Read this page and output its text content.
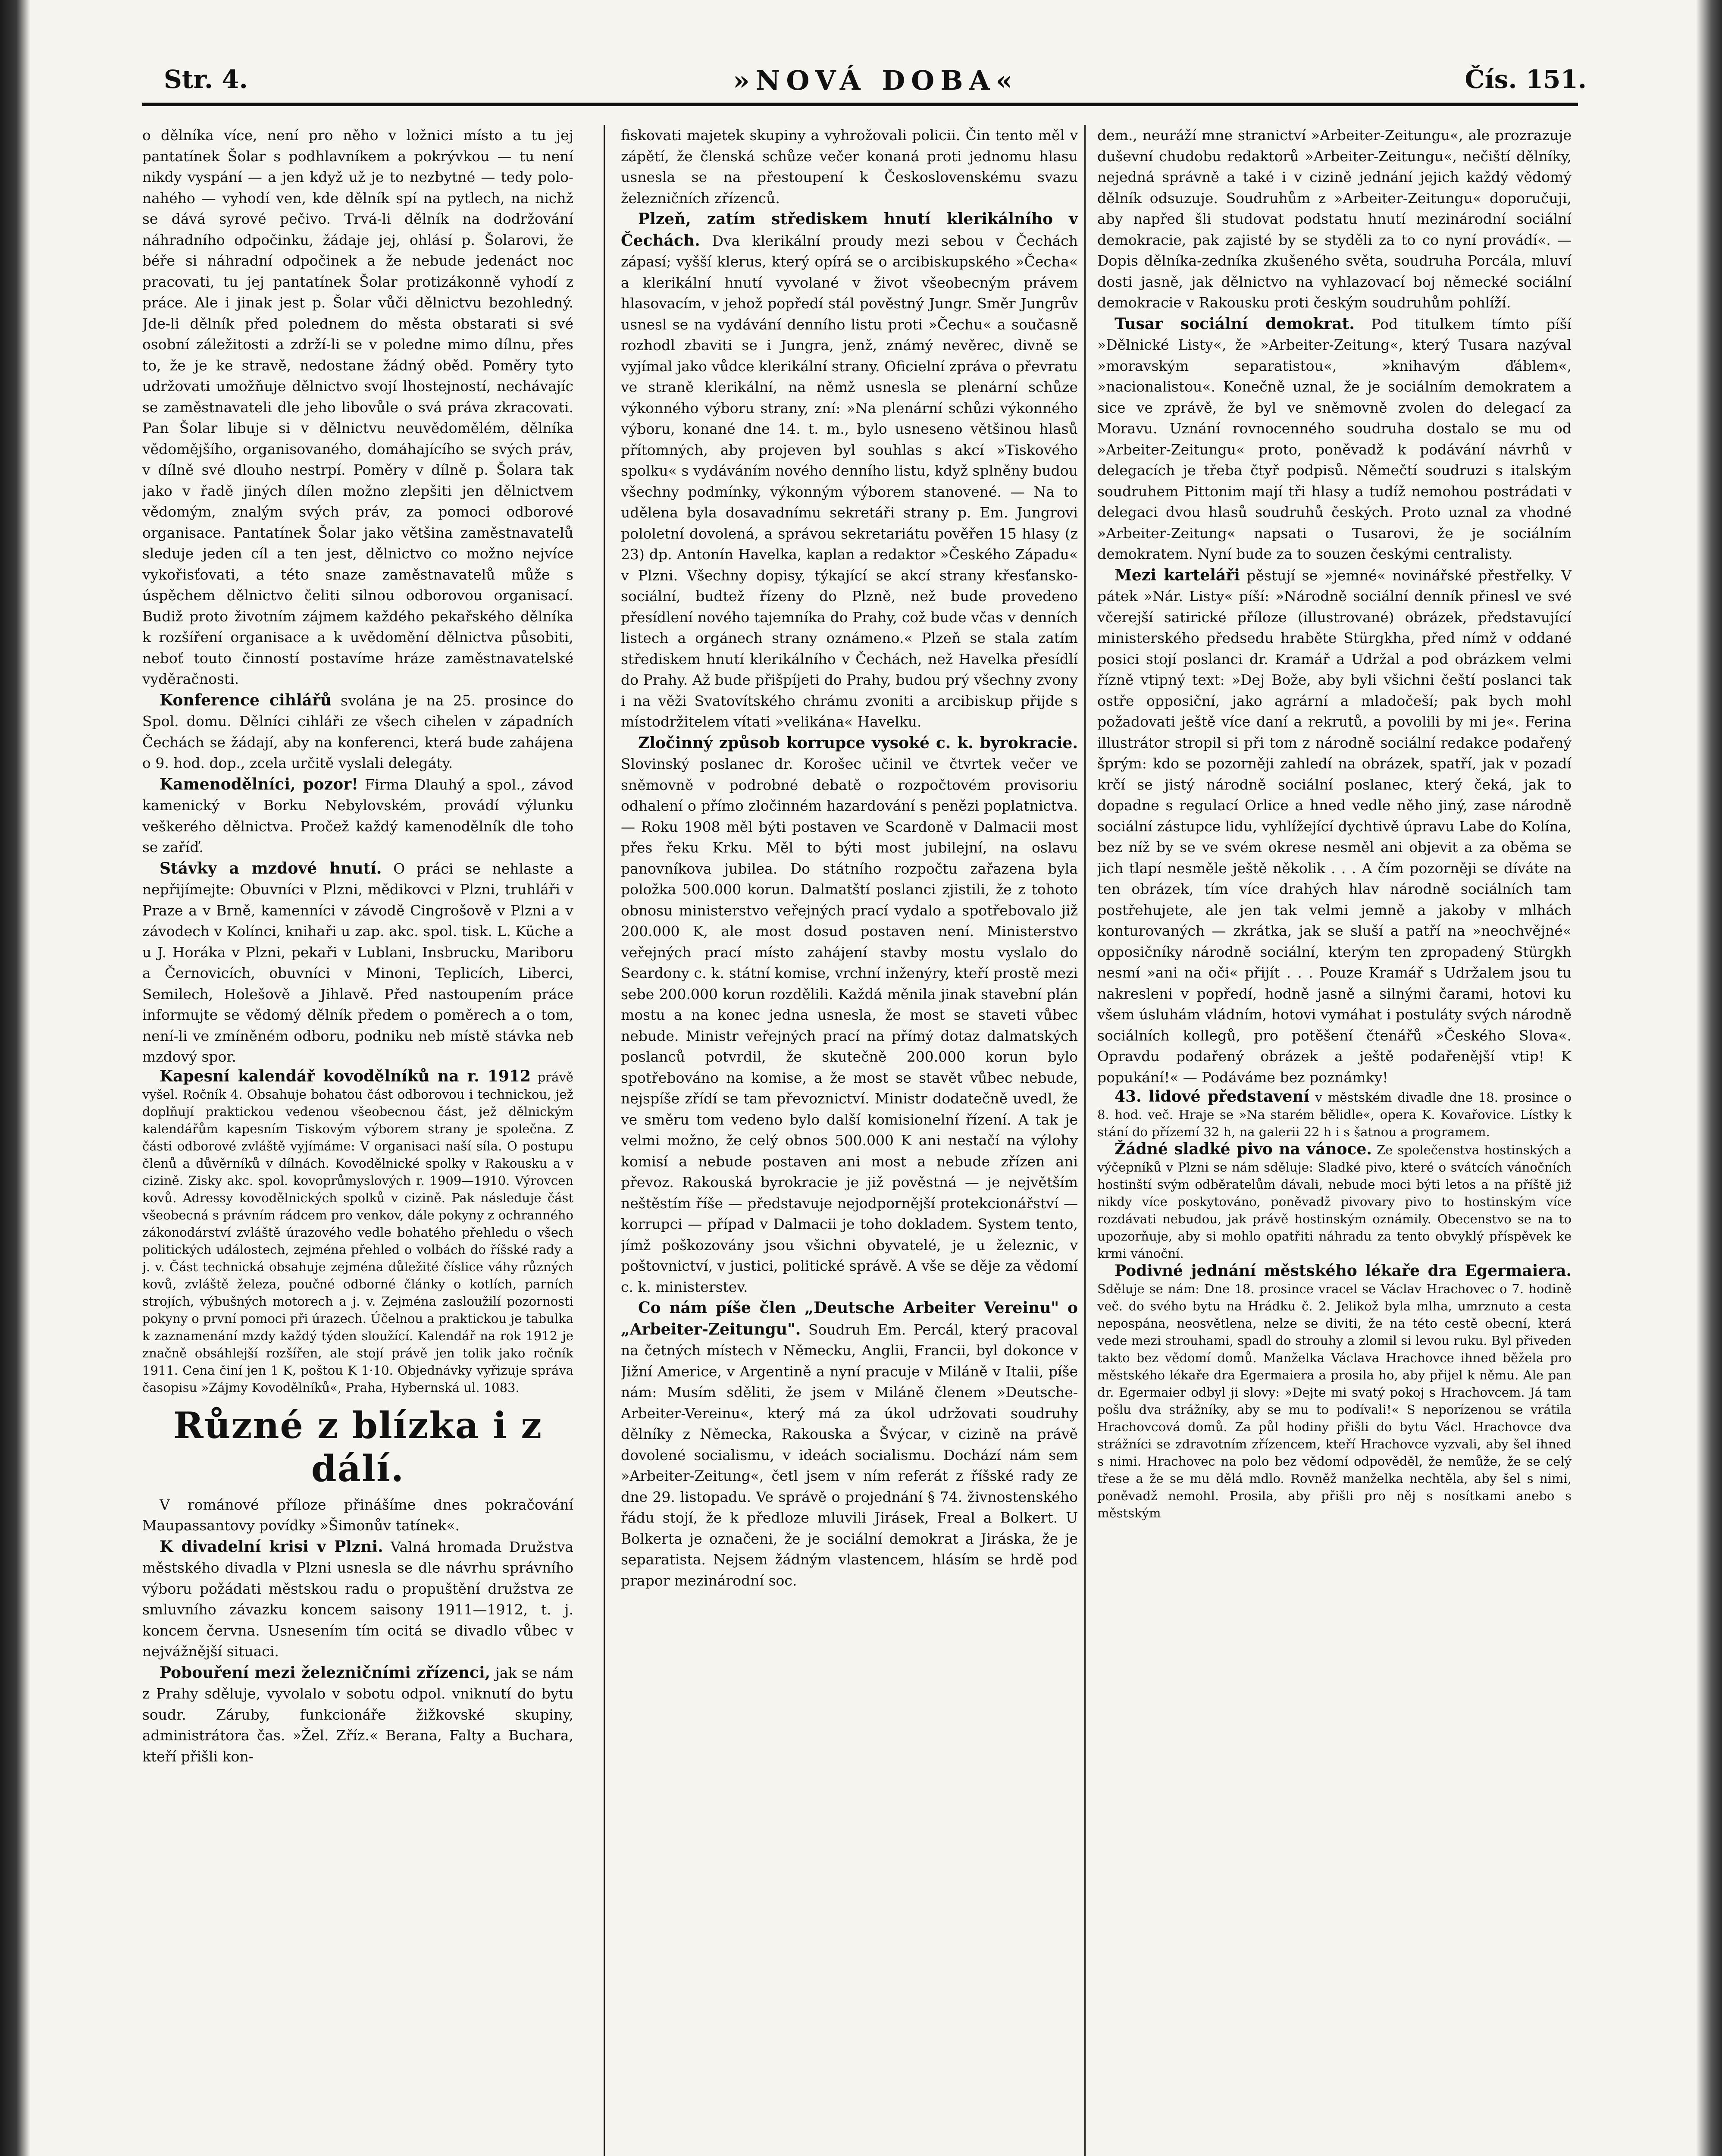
Str. 4.	»NOVÁ DOBA«	Čís. 151.

o dělníka více, není pro něho v ložnici místo a tu jej pantatínek Šolar s podhlavníkem a pokrývkou — tu není nikdy vyspání — a jen když už je to nezbytné — tedy polo-nahého — vyhodí ven, kde dělník spí na pytlech, na nichž se dává syrové pečivo. Trvá-li dělník na dodržování náhradního odpočinku, žádaje jej, ohlásí p. Šolarovi, že béře si náhradní odpočinek a že nebude jedenáct noc pracovati, tu jej pantatínek Šolar protizákonně vyhodí z práce. Ale i jinak jest p. Šolar vůči dělnictvu bezohledný. Jde-li dělník před polednem do města obstarati si své osobní záležitosti a zdrží-li se v poledne mimo dílnu, přes to, že je ke stravě, nedostane žádný oběd. Poměry tyto udržovati umožňuje dělnictvo svojí lhostejností, nechávajíc se zaměstnavateli dle jeho libovůle o svá práva zkracovati. Pan Šolar libuje si v dělnictvu neuvědomělém, dělníka vědomějšího, organisovaného, domáhajícího se svých práv, v dílně své dlouho nestrpí. Poměry v dílně p. Šolara tak jako v řadě jiných dílen možno zlepšiti jen dělnictvem vědomým, znalým svých práv, za pomoci odborové organisace. Pantatínek Šolar jako většina zaměstnavatelů sleduje jeden cíl a ten jest, dělnictvo co možno nejvíce vykořisťovati, a této snaze zaměstnavatelů může s úspěchem dělnictvo čeliti silnou odborovou organisací. Budiž proto životním zájmem každého pekařského dělníka k rozšíření organisace a k uvědomění dělnictva působiti, neboť touto činností postavíme hráze zaměstnavatelské vyděračnosti.

Konference cihlářů svolána je na 25. prosince do Spol. domu. Dělníci cihláři ze všech cihelen v západních Čechách se žádají, aby na konferenci, která bude zahájena o 9. hod. dop., zcela určitě vyslali delegáty.

Kamenodělníci, pozor! Firma Dlauhý a spol., závod kamenický v Borku Nebylovském, provádí výlunku veškerého dělnictva. Pročež každý kamenodělník dle toho se zaříď.

Stávky a mzdové hnutí. O práci se nehlaste a nepřijímejte: Obuvníci v Plzni, mědikovci v Plzni, truhláři v Praze a v Brně, kamenníci v závodě Cingrošově v Plzni a v závodech v Kolínci, knihaři u zap. akc. spol. tisk. L. Küche a u J. Horáka v Plzni, pekaři v Lublani, Insbrucku, Mariboru a Černovicích, obuvníci v Minoni, Teplicích, Liberci, Semilech, Holešově a Jihlavě. Před nastoupením práce informujte se vědomý dělník předem o poměrech a o tom, není-li ve zmíněném odboru, podniku neb místě stávka neb mzdový spor.

Kapesní kalendář kovodělníků na r. 1912 právě vyšel. Ročník 4. Obsahuje bohatou část odborovou i technickou, jež doplňují praktickou vedenou všeobecnou část, jež dělnickým kalendářům kapesním Tiskovým výborem strany je společna. Z části odborové zvláště vyjímáme: V organisaci naší síla. O postupu členů a důvěrníků v dílnách. Kovodělnické spolky v Rakousku a v cizině. Zisky akc. spol. kovoprůmyslových r. 1909—1910. Výrovcen kovů. Adressy kovodělnických spolků v cizině. Pak následuje část všeobecná s právním rádcem pro venkov, dále pokyny z ochranného zákonodárství zvláště úrazového vedle bohatého přehledu o všech politických událostech, zejména přehled o volbách do říšské rady a j. v. Část technická obsahuje zejména důležité číslice váhy různých kovů, zvláště železa, poučné odborné články o kotlích, parních strojích, výbušných motorech a j. v. Zejména zasloužilí pozornosti pokyny o první pomoci při úrazech. Účelnou a praktickou je tabulka k zaznamenání mzdy každý týden sloužící. Kalendář na rok 1912 je značně obsáhlejší rozšířen, ale stojí právě jen tolik jako ročník 1911. Cena činí jen 1 K, poštou K 1·10. Objednávky vyřizuje správa časopisu »Zájmy Kovodělníků«, Praha, Hybernská ul. 1083.

Různé z blízka i z dálí.

V románové příloze přinášíme dnes pokračování Maupassantovy povídky »Šimonův tatínek«.

K divadelní krisi v Plzni. Valná hromada Družstva městského divadla v Plzni usnesla se dle návrhu správního výboru požádati městskou radu o propuštění družstva ze smluvního závazku koncem saisony 1911—1912, t. j. koncem června. Usnesením tím ocitá se divadlo vůbec v nejvážnější situaci.

Pobouření mezi železničními zřízenci, jak se nám z Prahy sděluje, vyvolalo v sobotu odpol. vniknutí do bytu soudr. Záruby, funkcionáře žižkovské skupiny, administrátora čas. »Žel. Zříz.« Berana, Falty a Buchara, kteří přišli kon-

fiskovati majetek skupiny a vyhrožovali policii. Čin tento měl v zápětí, že členská schůze večer konaná proti jednomu hlasu usnesla se na přestoupení k Československému svazu železničních zřízenců.

Plzeň, zatím střediskem hnutí klerikálního v Čechách. Dva klerikální proudy mezi sebou v Čechách zápasí; vyšší klerus, který opírá se o arcibiskupského »Čecha« a klerikální hnutí vyvolané v život všeobecným právem hlasovacím, v jehož popředí stál pověstný Jungr. Směr Jungrův usnesl se na vydávání denního listu proti »Čechu« a současně rozhodl zbaviti se i Jungra, jenž, známý nevěrec, divně se vyjímal jako vůdce klerikální strany. Oficielní zpráva o převratu ve straně klerikální, na němž usnesla se plenární schůze výkonného výboru strany, zní: »Na plenární schůzi výkonného výboru, konané dne 14. t. m., bylo usneseno většinou hlasů přítomných, aby projeven byl souhlas s akcí »Tiskového spolku« s vydáváním nového denního listu, když splněny budou všechny podmínky, výkonným výborem stanovené. — Na to udělena byla dosavadnímu sekretáři strany p. Em. Jungrovi pololetní dovolená, a správou sekretariátu pověřen 15 hlasy (z 23) dp. Antonín Havelka, kaplan a redaktor »Českého Západu« v Plzni. Všechny dopisy, týkající se akcí strany křesťansko-sociální, budtež řízeny do Plzně, než bude provedeno přesídlení nového tajemníka do Prahy, což bude včas v denních listech a orgánech strany oznámeno.« Plzeň se stala zatím střediskem hnutí klerikálního v Čechách, než Havelka přesídlí do Prahy. Až bude přišpíjeti do Prahy, budou prý všechny zvony i na věži Svatovítského chrámu zvoniti a arcibiskup přijde s místodržitelem vítati »velikána« Havelku.

Zločinný způsob korrupce vysoké c. k. byrokracie. Slovinský poslanec dr. Korošec učinil ve čtvrtek večer ve sněmovně v podrobné debatě o rozpočtovém provisoriu odhalení o přímo zločinném hazardování s penězi poplatnictva.— Roku 1908 měl býti postaven ve Scardoně v Dalmacii most přes řeku Krku. Měl to býti most jubilejní, na oslavu panovníkova jubilea. Do státního rozpočtu zařazena byla položka 500.000 korun. Dalmatští poslanci zjistili, že z tohoto obnosu ministerstvo veřejných prací vydalo a spotřebovalo již 200.000 K, ale most dosud postaven není. Ministerstvo veřejných prací místo zahájení stavby mostu vyslalo do Seardony c. k. státní komise, vrchní inženýry, kteří prostě mezi sebe 200.000 korun rozdělili. Každá měnila jinak stavební plán mostu a na konec jedna usnesla, že most se staveti vůbec nebude. Ministr veřejných prací na přímý dotaz dalmatských poslanců potvrdil, že skutečně 200.000 korun bylo spotřebováno na komise, a že most se stavět vůbec nebude, nejspíše zřídí se tam převoznictví. Ministr dodatečně uvedl, že ve směru tom vedeno bylo další komisionelní řízení. A tak je velmi možno, že celý obnos 500.000 K ani nestačí na výlohy komisí a nebude postaven ani most a nebude zřízen ani převoz. Rakouská byrokracie je již pověstná — je největším neštěstím říše — představuje nejodpornější protekcionářství — korrupci — případ v Dalmacii je toho dokladem. System tento, jímž poškozovány jsou všichni obyvatelé, je u železnic, v poštovnictví, v justici, politické správě. A vše se děje za vědomí c. k. ministerstev.

Co nám píše člen „Deutsche Arbeiter Vereinu" o „Arbeiter-Zeitungu". Soudruh Em. Percál, který pracoval na četných místech v Německu, Anglii, Francii, byl dokonce v Jižní Americe, v Argentině a nyní pracuje v Miláně v Italii, píše nám: Musím sděliti, že jsem v Miláně členem »Deutsche-Arbeiter-Vereinu«, který má za úkol udržovati soudruhy dělníky z Německa, Rakouska a Švýcar, v cizině na právě dovolené socialismu, v ideách socialismu. Dochází nám sem »Arbeiter-Zeitung«, četl jsem v ním referát z říšské rady ze dne 29. listopadu. Ve správě o projednání § 74. živnostenského řádu stojí, že k předloze mluvili Jirásek, Freal a Bolkert. U Bolkerta je označeni, že je sociální demokrat a Jiráska, že je separatista. Nejsem žádným vlastencem, hlásím se hrdě pod prapor mezinárodní soc.

dem., neuráží mne stranictví »Arbeiter-Zeitungu«, ale prozrazuje duševní chudobu redaktorů »Arbeiter-Zeitungu«, nečiští dělníky, nejedná správně a také i v cizině jednání jejich každý vědomý dělník odsuzuje. Soudruhům z »Arbeiter-Zeitungu« doporučuji, aby napřed šli studovat podstatu hnutí mezinárodní sociální demokracie, pak zajisté by se styděli za to co nyní provádí«. — Dopis dělníka-zedníka zkušeného světa, soudruha Porcála, mluví dosti jasně, jak dělnictvo na vyhlazovací boj německé sociální demokracie v Rakousku proti českým soudruhům pohlíží.

Tusar sociální demokrat. Pod titulkem tímto píší »Dělnické Listy«, že »Arbeiter-Zeitung«, který Tusara nazýval »moravským separatistou«, »knihavým ďáblem«, »nacionalistou«. Konečně uznal, že je sociálním demokratem a sice ve zprávě, že byl ve sněmovně zvolen do delegací za Moravu. Uznání rovnocenného soudruha dostalo se mu od »Arbeiter-Zeitungu« proto, poněvadž k podávání návrhů v delegacích je třeba čtyř podpisů. Němečtí soudruzi s italským soudruhem Pittonim mají tři hlasy a tudíž nemohou postrádati v delegaci dvou hlasů soudruhů českých. Proto uznal za vhodné »Arbeiter-Zeitung« napsati o Tusarovi, že je sociálním demokratem. Nyní bude za to souzen českými centralisty.

Mezi karteláři pěstují se »jemné« novinářské přestřelky. V pátek »Nár. Listy« píší: »Národně sociální denník přinesl ve své včerejší satirické příloze (illustrované) obrázek, představující ministerského předsedu hraběte Stürgkha, před nímž v oddané posici stojí poslanci dr. Kramář a Udržal a pod obrázkem velmi řízně vtipný text: »Dej Bože, aby byli všichni čeští poslanci tak ostře opposiční, jako agrární a mladočeší; pak bych mohl požadovati ještě více daní a rekrutů, a povolili by mi je«. Ferina illustrátor stropil si při tom z národně sociální redakce podařený šprým: kdo se pozorněji zahledí na obrázek, spatří, jak v pozadí krčí se jistý národně sociální poslanec, který čeká, jak to dopadne s regulací Orlice a hned vedle něho jiný, zase národně sociální zástupce lidu, vyhlížející dychtivě úpravu Labe do Kolína, bez níž by se ve svém okrese nesměl ani objevit a za oběma se jich tlapí nesměle ještě několik . . . A čím pozorněji se díváte na ten obrázek, tím více drahých hlav národně sociálních tam postřehujete, ale jen tak velmi jemně a jakoby v mlhách konturovaných — zkrátka, jak se sluší a patří na »neochvějné« opposičníky národně sociální, kterým ten zpropadený Stürgkh nesmí »ani na oči« přijít . . . Pouze Kramář s Udržalem jsou tu nakresleni v popředí, hodně jasně a silnými čarami, hotovi ku všem úsluhám vládním, hotovi vymáhat i postuláty svých národně sociálních kollegů, pro potěšení čtenářů »Českého Slova«. Opravdu podařený obrázek a ještě podařenější vtip! K popukání!« — Podáváme bez poznámky!

43. lidové představení v městském divadle dne 18. prosince o 8. hod. več. Hraje se »Na starém bělidle«, opera K. Kovařovice. Lístky k stání do přízemí 32 h, na galerii 22 h i s šatnou a programem.

Žádné sladké pivo na vánoce. Ze společenstva hostinských a výčepníků v Plzni se nám sděluje: Sladké pivo, které o svátcích vánočních hostinští svým odběratelům dávali, nebude moci býti letos a na příště již nikdy více poskytováno, poněvadž pivovary pivo to hostinským více rozdávati nebudou, jak právě hostinským oznámily. Obecenstvo se na to upozorňuje, aby si mohlo opatřiti náhradu za tento obvyklý příspěvek ke krmi vánoční.

Podivné jednání městského lékaře dra Egermaiera. Sděluje se nám: Dne 18. prosince vracel se Václav Hrachovec o 7. hodině več. do svého bytu na Hrádku č. 2. Jelikož byla mlha, umrznuto a cesta nepospána, neosvětlena, nelze se diviti, že na této cestě obecní, která vede mezi strouhami, spadl do strouhy a zlomil si levou ruku. Byl přiveden takto bez vědomí domů. Manželka Václava Hrachovce ihned běžela pro městského lékaře dra Egermaiera a prosila ho, aby přijel k němu. Ale pan dr. Egermaier odbyl ji slovy: »Dejte mi svatý pokoj s Hrachovcem. Já tam pošlu dva strážníky, aby se mu to podívali!« S neporízenou se vrátila Hrachovcová domů. Za půl hodiny přišli do bytu Václ. Hrachovce dva strážníci se zdravotním zřízencem, kteří Hrachovce vyzvali, aby šel ihned s nimi. Hrachovec na polo bez vědomí odpověděl, že nemůže, že se celý třese a že se mu dělá mdlo. Rovněž manželka nechtěla, aby šel s nimi, poněvadž nemohl. Prosila, aby přišli pro něj s nosítkami anebo s městským
